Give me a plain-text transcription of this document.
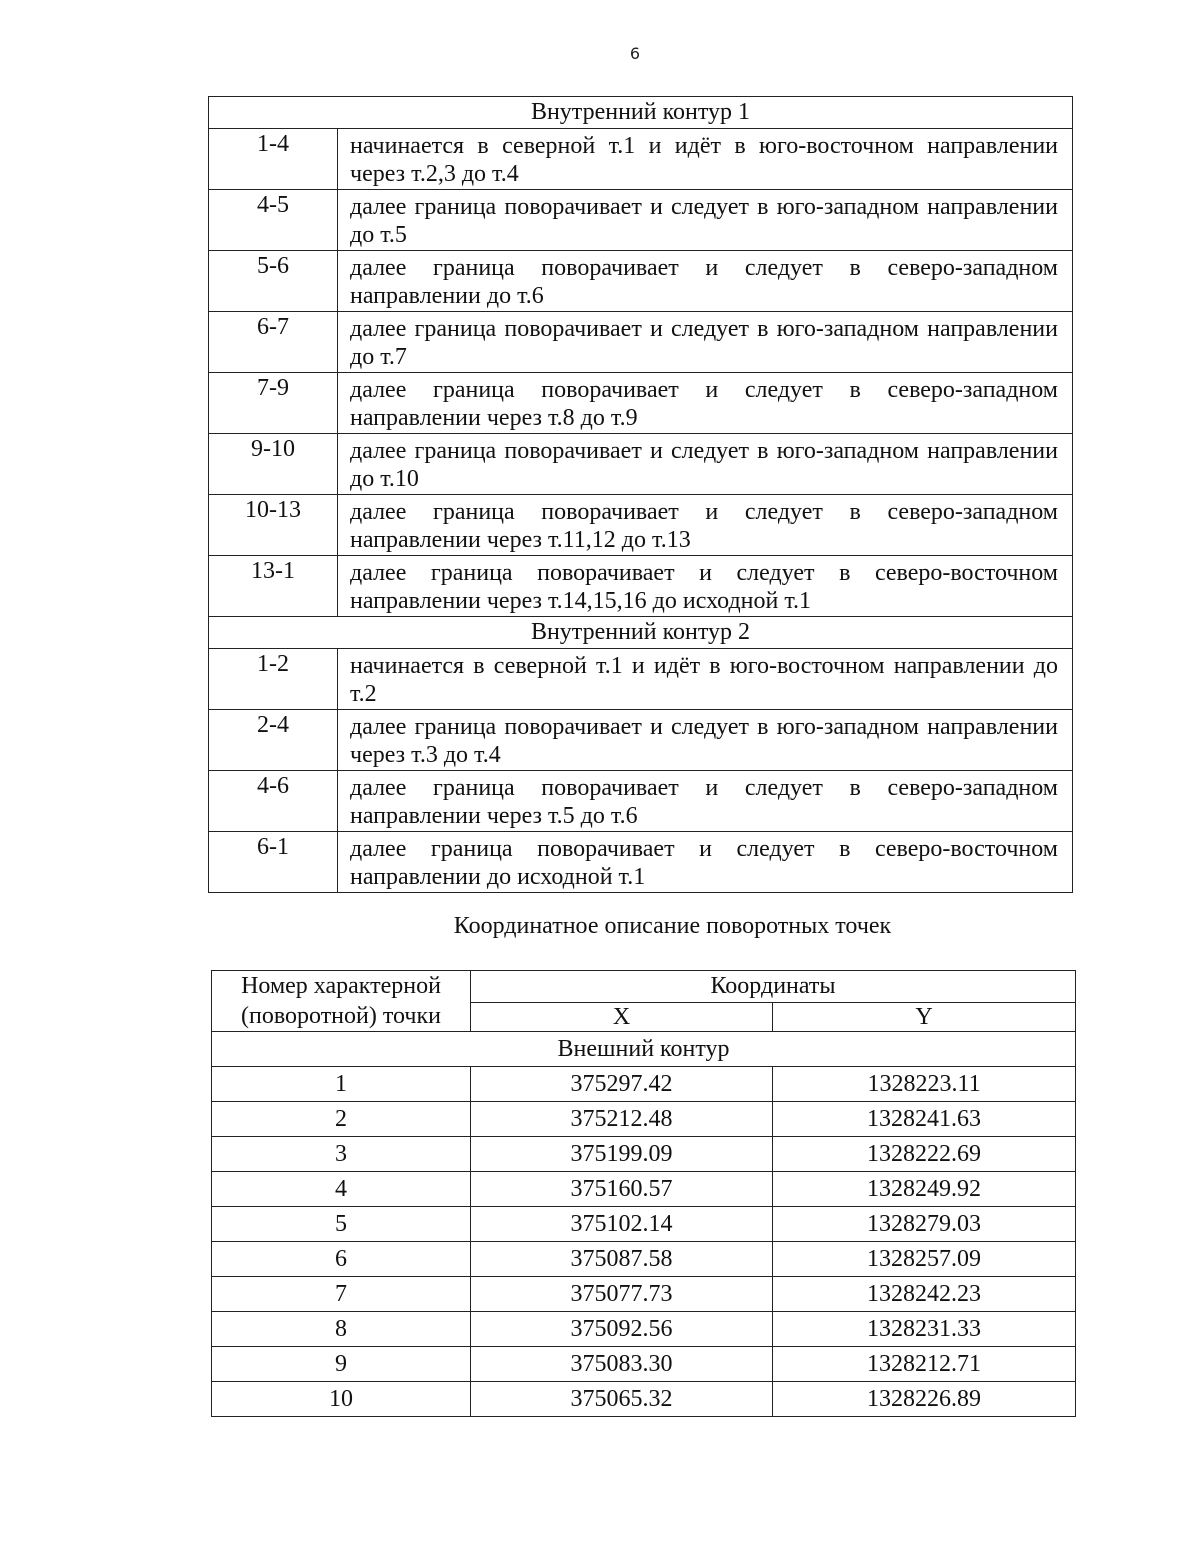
6
Внутренний контур 1	
1-4	начинается в северной т.1 и идёт в юго-восточном направлении через т.2,3 до т.4
4-5	далее граница поворачивает и следует в юго-западном направлении до т.5
5-6	далее граница поворачивает и следует в северо-западном направлении до т.6
6-7	далее граница поворачивает и следует в юго-западном направлении до т.7
7-9	далее граница поворачивает и следует в северо-западном направлении через т.8 до т.9
9-10	далее граница поворачивает и следует в юго-западном направлении до т.10
10-13	далее граница поворачивает и следует в северо-западном направлении через т.11,12 до т.13
13-1	далее граница поворачивает и следует в северо-восточном направлении через т.14,15,16 до исходной т.1
Внутренний контур 2	
1-2	начинается в северной т.1 и идёт в юго-восточном направлении до т.2
2-4	далее граница поворачивает и следует в юго-западном направлении через т.3 до т.4
4-6	далее граница поворачивает и следует в северо-западном направлении через т.5 до т.6
6-1	далее граница поворачивает и следует в северо-восточном направлении до исходной т.1
Координатное описание поворотных точек
Номер характерной (поворотной) точки	Координаты	
	X	Y
Внешний контур		
1	375297.42	1328223.11
2	375212.48	1328241.63
3	375199.09	1328222.69
4	375160.57	1328249.92
5	375102.14	1328279.03
6	375087.58	1328257.09
7	375077.73	1328242.23
8	375092.56	1328231.33
9	375083.30	1328212.71
10	375065.32	1328226.89
